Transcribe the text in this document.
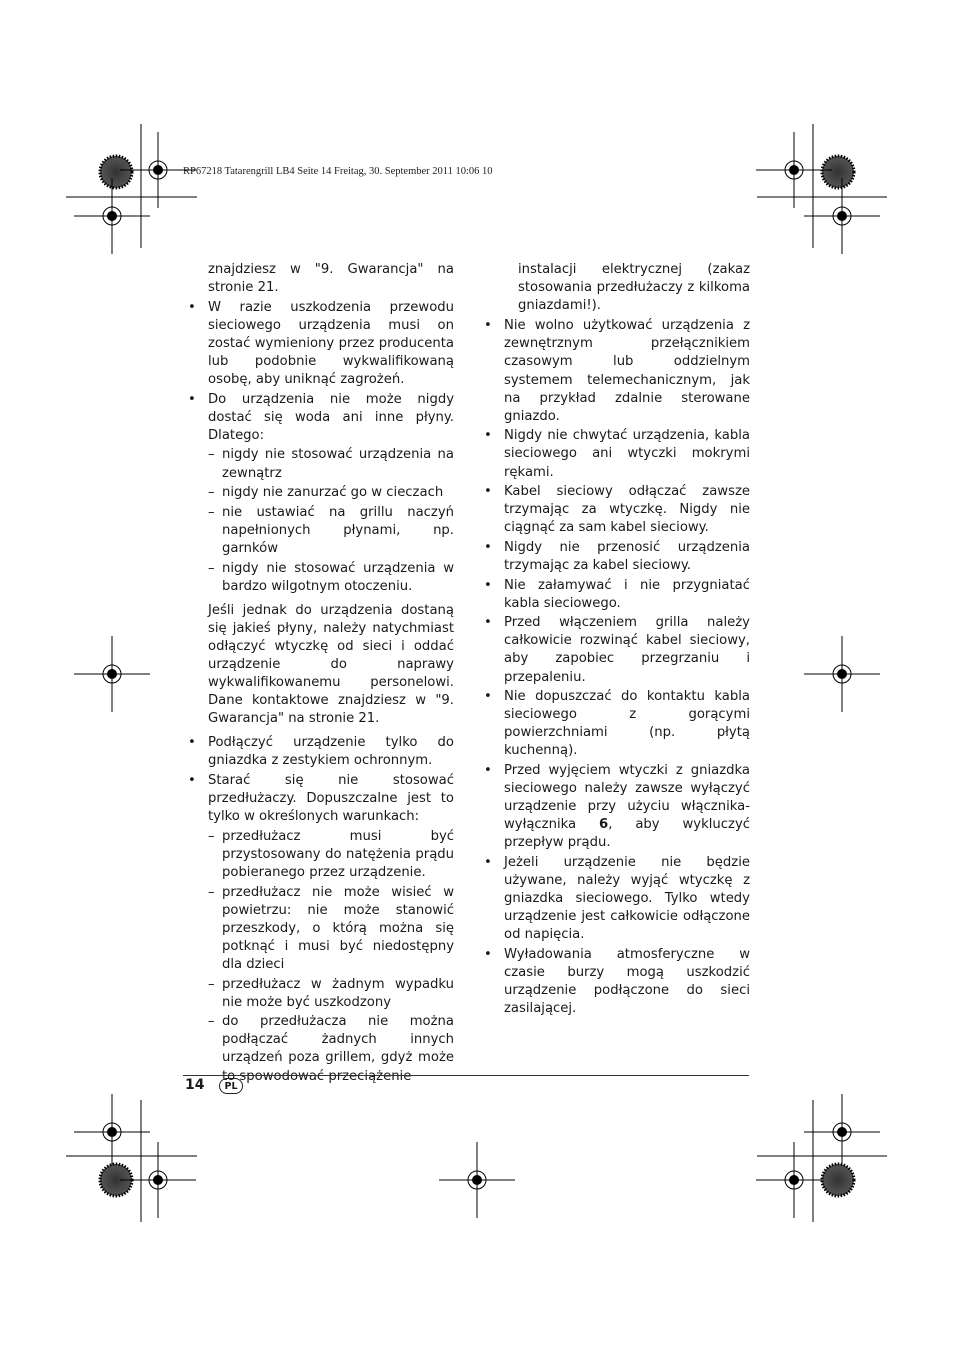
RP67218 Tatarengrill LB4 Seite 14 Freitag, 30. September 2011 10:06 10

znajdziesz w "9. Gwarancja" na stronie 21.

• W razie uszkodzenia przewodu sieciowego urządzenia musi on zostać wymieniony przez producenta lub podobnie wykwalifikowaną osobę, aby uniknąć zagrożeń.
• Do urządzenia nie może nigdy dostać się woda ani inne płyny. Dlatego:
– nigdy nie stosować urządzenia na zewnątrz
– nigdy nie zanurzać go w cieczach
– nie ustawiać na grillu naczyń napełnionych płynami, np. garnków
– nigdy nie stosować urządzenia w bardzo wilgotnym otoczeniu.

Jeśli jednak do urządzenia dostaną się jakieś płyny, należy natychmiast odłączyć wtyczkę od sieci i oddać urządzenie do naprawy wykwalifikowanemu personelowi. Dane kontaktowe znajdziesz w "9. Gwarancja" na stronie 21.

• Podłączyć urządzenie tylko do gniazdka z zestykiem ochronnym.
• Starać się nie stosować przedłużaczy. Dopuszczalne jest to tylko w określonych warunkach:
– przedłużacz musi być przystosowany do natężenia prądu pobieranego przez urządzenie.
– przedłużacz nie może wisieć w powietrzu: nie może stanowić przeszkody, o którą można się potknąć i musi być niedostępny dla dzieci
– przedłużacz w żadnym wypadku nie może być uszkodzony
– do przedłużacza nie można podłączać żadnych innych urządzeń poza grillem, gdyż może to spowodować przeciążenie

instalacji elektrycznej (zakaz stosowania przedłużaczy z kilkoma gniazdami!).

• Nie wolno użytkować urządzenia z zewnętrznym przełącznikiem czasowym lub oddzielnym systemem telemechanicznym, jak na przykład zdalnie sterowane gniazdo.
• Nigdy nie chwytać urządzenia, kabla sieciowego ani wtyczki mokrymi rękami.
• Kabel sieciowy odłączać zawsze trzymając za wtyczkę. Nigdy nie ciągnąć za sam kabel sieciowy.
• Nigdy nie przenosić urządzenia trzymając za kabel sieciowy.
• Nie załamywać i nie przygniatać kabla sieciowego.
• Przed włączeniem grilla należy całkowicie rozwinąć kabel sieciowy, aby zapobiec przegrzaniu i przepaleniu.
• Nie dopuszczać do kontaktu kabla sieciowego z gorącymi powierzchniami (np. płytą kuchenną).
• Przed wyjęciem wtyczki z gniazdka sieciowego należy zawsze wyłączyć urządzenie przy użyciu włącznika-wyłącznika 6, aby wykluczyć przepływ prądu.
• Jeżeli urządzenie nie będzie używane, należy wyjąć wtyczkę z gniazdka sieciowego. Tylko wtedy urządzenie jest całkowicie odłączone od napięcia.
• Wyładowania atmosferyczne w czasie burzy mogą uszkodzić urządzenie podłączone do sieci zasilającej.
14	PL
